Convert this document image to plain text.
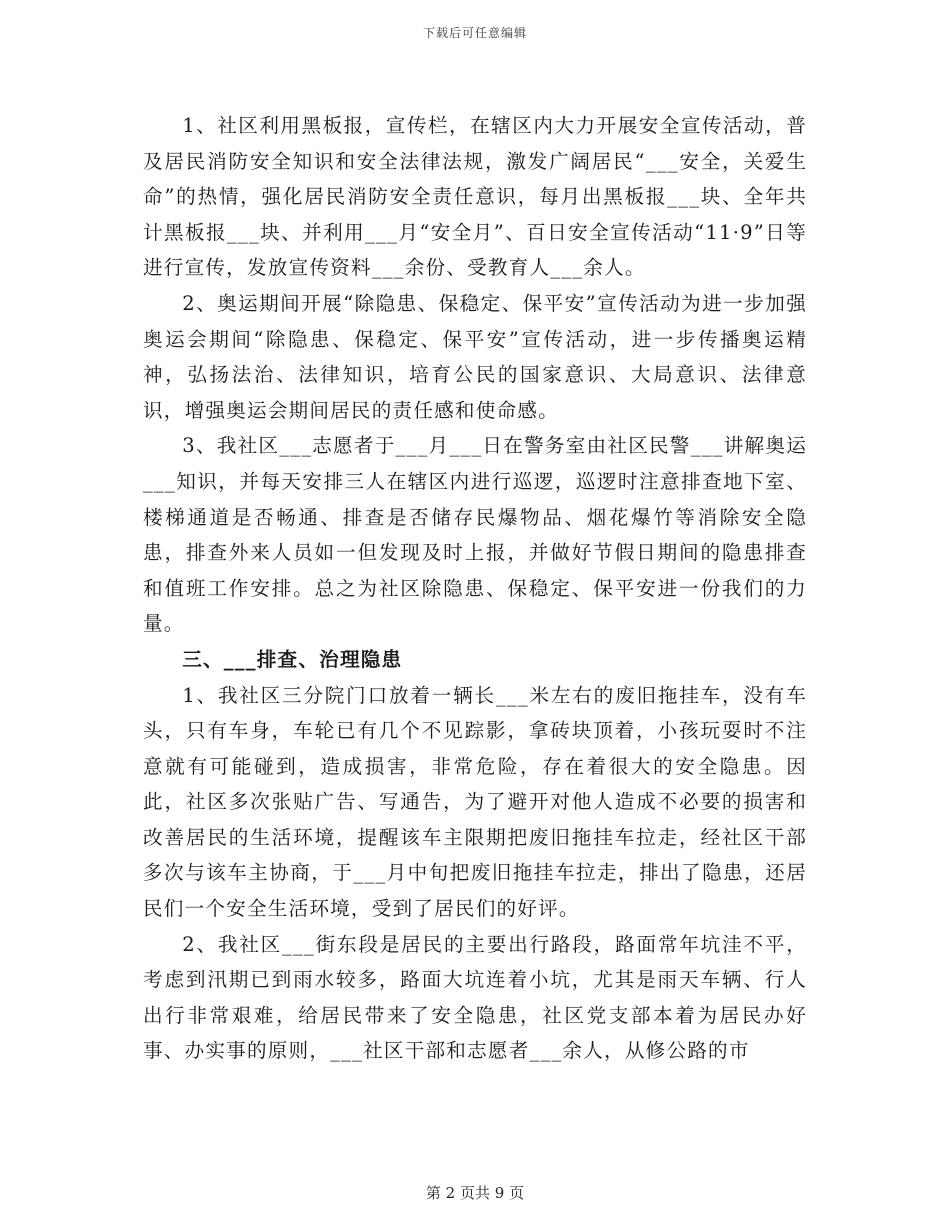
下载后可任意编辑

1、社区利用黑板报，宣传栏，在辖区内大力开展安全宣传活动，普及居民消防安全知识和安全法律法规，激发广阔居民“___安全，关爱生命”的热情，强化居民消防安全责任意识，每月出黑板报___块、全年共计黑板报___块、并利用___月“安全月”、百日安全宣传活动“11·9”日等进行宣传，发放宣传资料___余份、受教育人___余人。

2、奥运期间开展“除隐患、保稳定、保平安”宣传活动为进一步加强奥运会期间“除隐患、保稳定、保平安”宣传活动，进一步传播奥运精神，弘扬法治、法律知识，培育公民的国家意识、大局意识、法律意识，增强奥运会期间居民的责任感和使命感。

3、我社区___志愿者于___月___日在警务室由社区民警___讲解奥运___知识，并每天安排三人在辖区内进行巡逻，巡逻时注意排查地下室、楼梯通道是否畅通、排查是否储存民爆物品、烟花爆竹等消除安全隐患，排查外来人员如一但发现及时上报，并做好节假日期间的隐患排查和值班工作安排。总之为社区除隐患、保稳定、保平安进一份我们的力量。

三、___排查、治理隐患

1、我社区三分院门口放着一辆长___米左右的废旧拖挂车，没有车头，只有车身，车轮已有几个不见踪影，拿砖块顶着，小孩玩耍时不注意就有可能碰到，造成损害，非常危险，存在着很大的安全隐患。因此，社区多次张贴广告、写通告，为了避开对他人造成不必要的损害和改善居民的生活环境，提醒该车主限期把废旧拖挂车拉走，经社区干部多次与该车主协商，于___月中旬把废旧拖挂车拉走，排出了隐患，还居民们一个安全生活环境，受到了居民们的好评。

2、我社区___街东段是居民的主要出行路段，路面常年坑洼不平，考虑到汛期已到雨水较多，路面大坑连着小坑，尤其是雨天车辆、行人出行非常艰难，给居民带来了安全隐患，社区党支部本着为居民办好事、办实事的原则，___社区干部和志愿者___余人，从修公路的市

第 2 页共 9 页
